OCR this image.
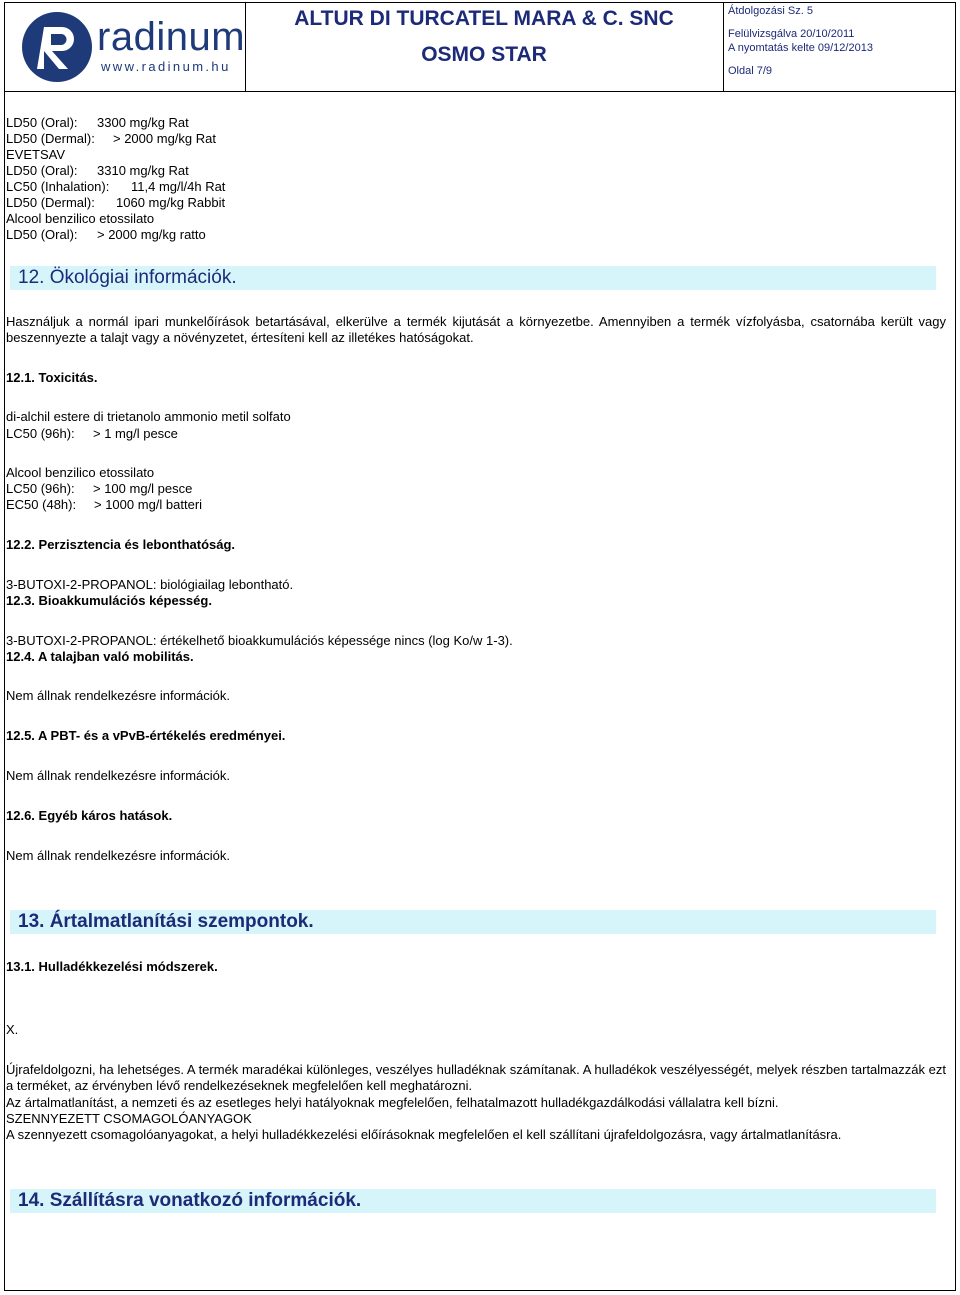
radinum
www.radinum.hu
ALTUR DI TURCATEL MARA & C. SNC
OSMO STAR
Átdolgozási Sz. 5
Felülvizsgálva 20/10/2011
A nyomtatás kelte 09/12/2013
Oldal 7/9
LD50 (Oral): 3300 mg/kg Rat
LD50 (Dermal): > 2000 mg/kg Rat
EVETSAV
LD50 (Oral): 3310 mg/kg Rat
LC50 (Inhalation): 11,4 mg/l/4h Rat
LD50 (Dermal): 1060 mg/kg Rabbit
Alcool benzilico etossilato
LD50 (Oral): > 2000 mg/kg ratto
12. Ökológiai információk.
Használjuk a normál ipari munkelőírások betartásával, elkerülve a termék kijutását a környezetbe. Amennyiben a termék vízfolyásba, csatornába került vagy beszennyezte a talajt vagy a növényzetet, értesíteni kell az illetékes hatóságokat.
12.1. Toxicitás.
di-alchil estere di trietanolo ammonio metil solfato
LC50 (96h): > 1 mg/l pesce
Alcool benzilico etossilato
LC50 (96h): > 100 mg/l pesce
EC50 (48h): > 1000 mg/l batteri
12.2. Perzisztencia és lebonthatóság.
3-BUTOXI-2-PROPANOL: biológiailag lebontható.
12.3. Bioakkumulációs képesség.
3-BUTOXI-2-PROPANOL: értékelhető bioakkumulációs képessége nincs (log Ko/w 1-3).
12.4. A talajban való mobilitás.
Nem állnak rendelkezésre információk.
12.5. A PBT- és a vPvB-értékelés eredményei.
Nem állnak rendelkezésre információk.
12.6. Egyéb káros hatások.
Nem állnak rendelkezésre információk.
13. Ártalmatlanítási szempontok.
13.1. Hulladékkezelési módszerek.
X.
Újrafeldolgozni, ha lehetséges. A termék maradékai különleges, veszélyes hulladéknak számítanak. A hulladékok veszélyességét, melyek részben tartalmazzák ezt a terméket, az érvényben lévő rendelkezéseknek megfelelően kell meghatározni.
Az ártalmatlanítást, a nemzeti és az esetleges helyi hatályoknak megfelelően, felhatalmazott hulladékgazdálkodási vállalatra kell bízni.
SZENNYEZETT CSOMAGOLÓANYAGOK
A szennyezett csomagolóanyagokat, a helyi hulladékkezelési előírásoknak megfelelően el kell szállítani újrafeldolgozásra, vagy ártalmatlanításra.
14. Szállításra vonatkozó információk.
